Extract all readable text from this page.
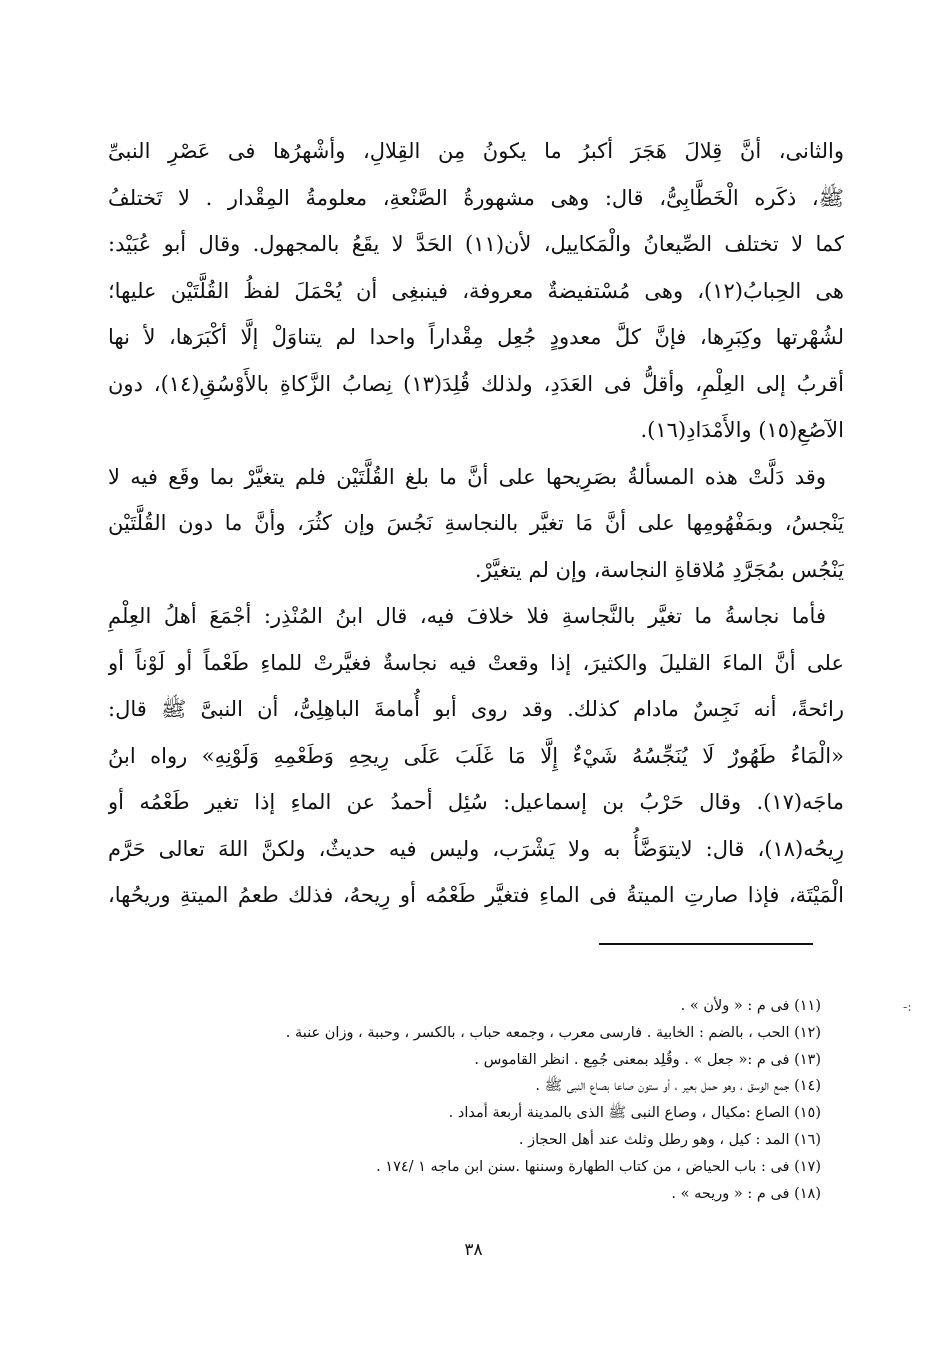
والثانى، أنَّ قِلالَ هَجَرَ أكبرُ ما يكونُ مِن القِلالِ، وأشْهرُها فى عَصْرِ النبىِّ
ﷺ، ذكَره الْخَطَّابِىُّ، قال: وهى مشهورةُ الصَّنْعةِ، معلومةُ المِقْدار . لا تَختلفُ
كما لا تختلف الصِّيعانُ والْمَكاييل، لأن(١١) الحَدَّ لا يقَعُ بالمجهول. وقال أبو عُبَيْد:
هى الحِبابُ(١٢)، وهى مُسْتفيضةٌ معروفة، فينبغِى أن يُحْمَلَ لفظُ القُلَّتَيْن عليها؛
لشُهْرتها وكِبَرِها، فإنَّ كلَّ معدودٍ جُعِل مِقْداراً واحدا لم يتناوَلْ إلَّا أكْبَرَها، لأ نها
أقربُ إلى العِلْمِ، وأقلُّ فى العَدَدِ، ولذلك قُلِدَ(١٣) نِصابُ الزَّكاةِ بالأَوْسُقِ(١٤)، دون
الآصُعِ(١٥) والأَمْدَادِ(١٦).
وقد دَلَّتْ هذه المسألةُ بصَرِيحها على أنَّ ما بلغ القُلَّتَيْن فلم يتغيَّرْ بما وقَع فيه لا
يَنْجسُ، وبمَفْهُومِها على أنَّ مَا تغيَّر بالنجاسةِ نَجُسَ وإن كثُرَ، وأنَّ ما دون القُلَّتَيْن
يَنْجُس بمُجَرَّدِ مُلاقاةِ النجاسة، وإن لم يتغيَّرْ.
فأما نجاسةُ ما تغيَّر بالنَّجاسةِ فلا خلافَ فيه، قال ابنُ المُنْذِر: أجْمَعَ أهلُ العِلْمِ
على أنَّ الماءَ القليلَ والكثيرَ، إذا وقعتْ فيه نجاسةٌ فغيَّرتْ للماءِ طَعْماً أو لَوْناً أو
رائحةً، أنه نَجِسٌ مادام كذلك. وقد روى أبو أُمامةَ الباهِلِىُّ، أن النبىَّ ﷺ قال:
«الْمَاءُ طَهُورٌ لَا يُنَجِّسُهُ شَيْءٌ إِلَّا مَا غَلَبَ عَلَى رِيحِهِ وَطَعْمِهِ وَلَوْنِهِ» رواه ابنُ
ماجَه(١٧). وقال حَرْبُ بن إسماعيل: سُئِل أحمدُ عن الماءِ إذا تغير طَعْمُه أو
رِيحُه(١٨)، قال: لايتوَضَّأُ به ولا يَشْرَب، وليس فيه حديثٌ، ولكنَّ اللهَ تعالى حَرَّم
الْمَيْتَة، فإذا صارتِ الميتةُ فى الماءِ فتغيَّر طَعْمُه أو رِيحهُ، فذلك طعمُ الميتةِ وريحُها،
(١١) فى م : « ولأن » .
(١٢) الحب ، بالضم : الخابية . فارسى معرب ، وجمعه حباب ، بالكسر ، وحببة ، وزان عنبة .
(١٣) فى م :« جعل » . وقُلِد بمعنى جُمِع . انظر القاموس .
(١٤) جمع الوسق ، وهو حمل بعير ، أو ستون صاعا بصاع النبى ﷺ .
(١٥) الصاع :مكيال ، وصاع النبى ﷺ الذى بالمدينة أربعة أمداد .
(١٦) المد : كيل ، وهو رطل وثلث عند أهل الحجاز .
(١٧) فى : باب الحياض ، من كتاب الطهارة وسننها .سنن ابن ماجه ١ /١٧٤ .
(١٨) فى م : « وريحه » .
٣٨
-:
